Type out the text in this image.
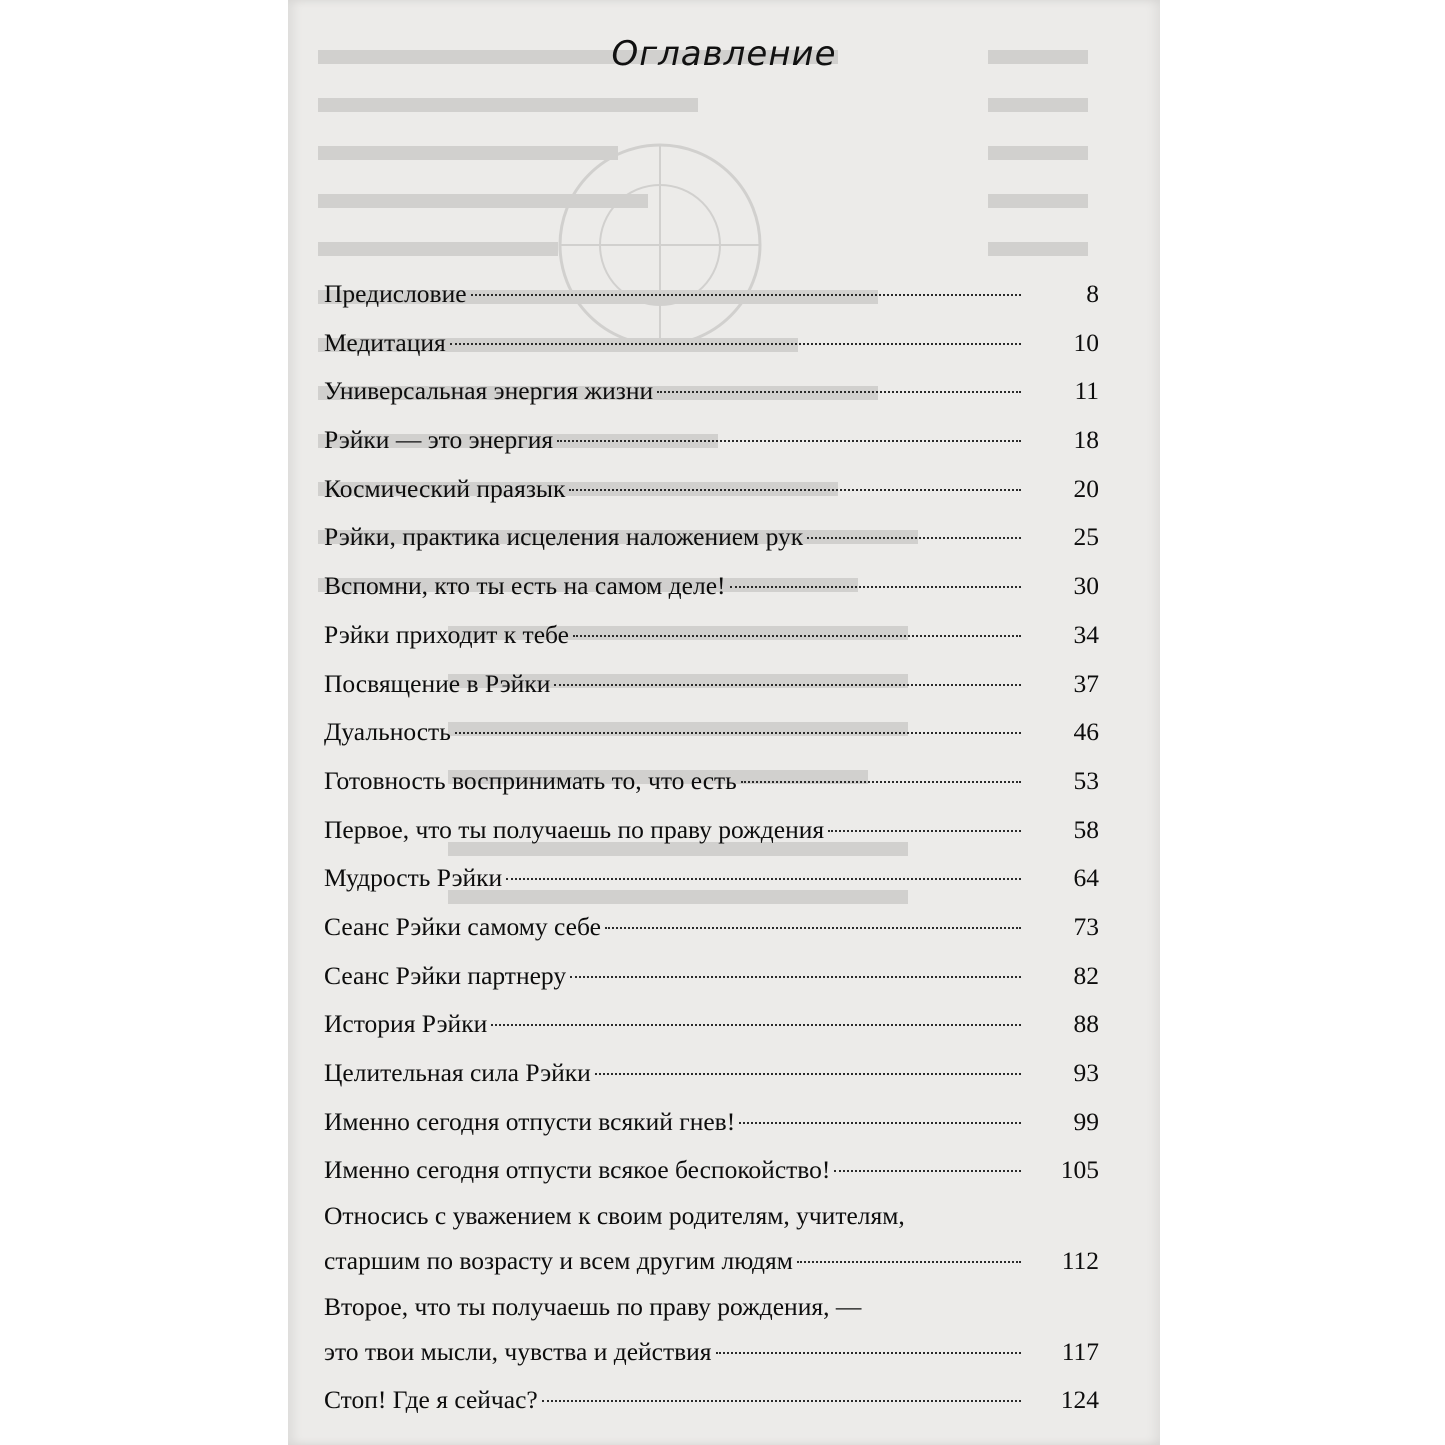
Оглавление
Предисловие	8
Медитация	10
Универсальная энергия жизни	11
Рэйки — это энергия	18
Космический праязык	20
Рэйки, практика исцеления наложением рук	25
Вспомни, кто ты есть на самом деле!	30
Рэйки приходит к тебе	34
Посвящение в Рэйки	37
Дуальность	46
Готовность воспринимать то, что есть	53
Первое, что ты получаешь по праву рождения	58
Мудрость Рэйки	64
Сеанс Рэйки самому себе	73
Сеанс Рэйки партнеру	82
История Рэйки	88
Целительная сила Рэйки	93
Именно сегодня отпусти всякий гнев!	99
Именно сегодня отпусти всякое беспокойство!	105
Относись с уважением к своим родителям, учителям,
старшим по возрасту и всем другим людям	112
Второе, что ты получаешь по праву рождения, —
это твои мысли, чувства и действия	117
Стоп! Где я сейчас?	124
